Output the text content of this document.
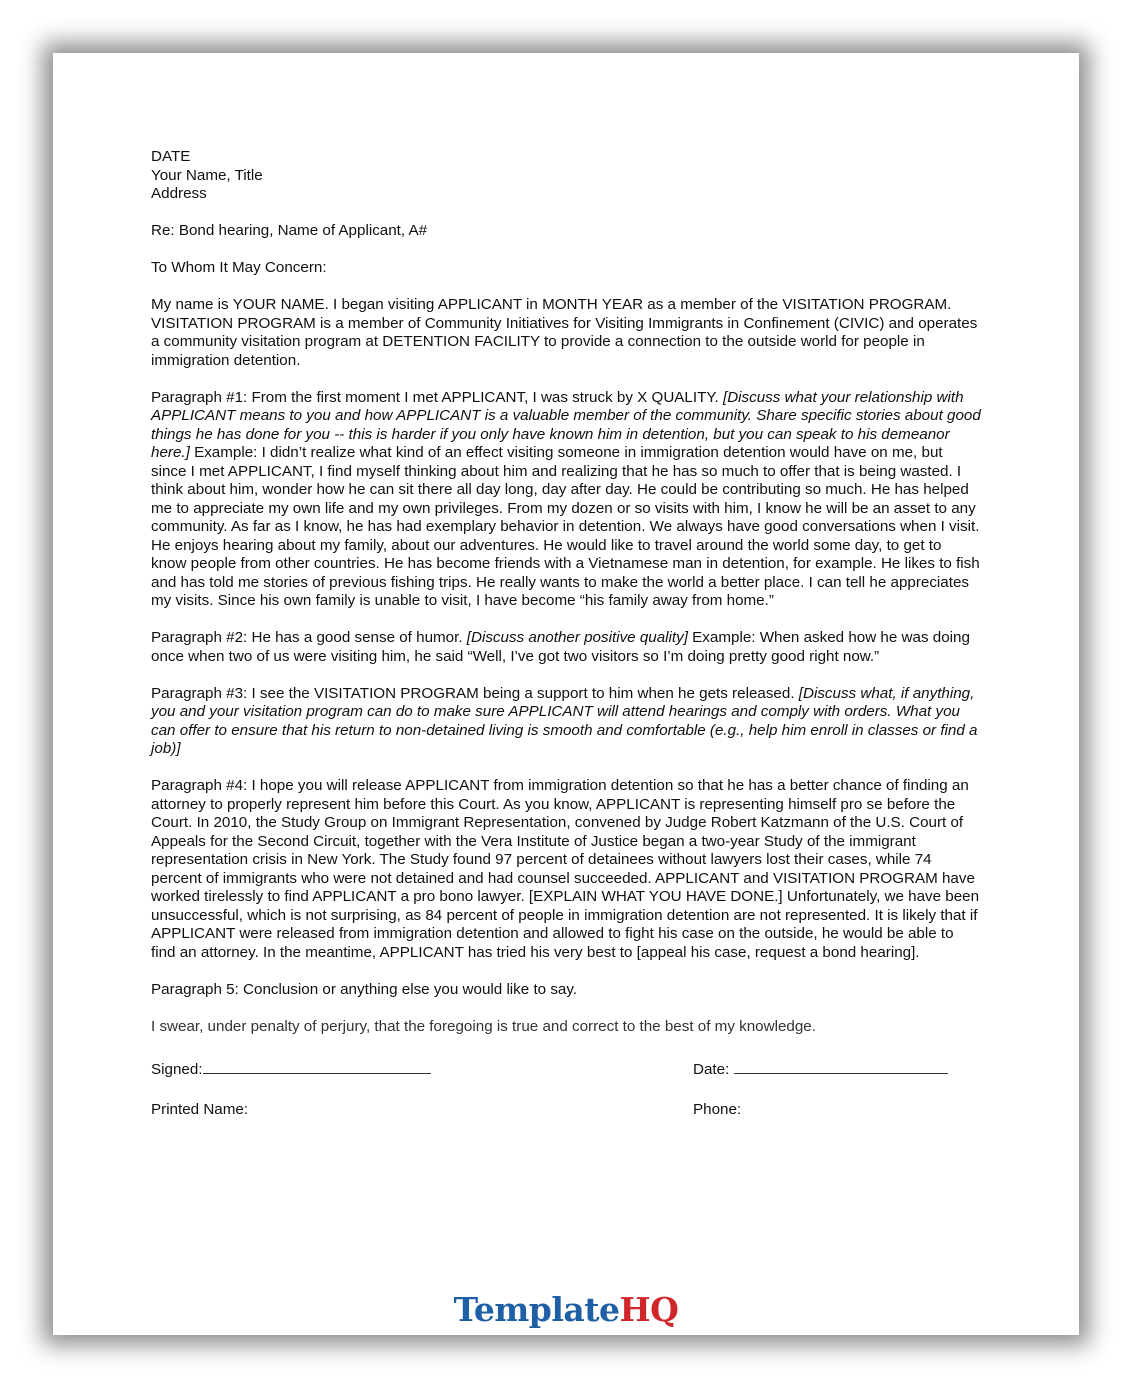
DATE

Your Name, Title

Address

Re: Bond hearing, Name of Applicant, A#

To Whom It May Concern:

My name is YOUR NAME. I began visiting APPLICANT in MONTH YEAR as a member of the VISITATION PROGRAM. VISITATION PROGRAM is a member of Community Initiatives for Visiting Immigrants in Confinement (CIVIC) and operates a community visitation program at DETENTION FACILITY to provide a connection to the outside world for people in immigration detention.

Paragraph #1: From the first moment I met APPLICANT, I was struck by X QUALITY. [Discuss what your relationship with APPLICANT means to you and how APPLICANT is a valuable member of the community. Share specific stories about good things he has done for you -- this is harder if you only have known him in detention, but you can speak to his demeanor here.] Example: I didn’t realize what kind of an effect visiting someone in immigration detention would have on me, but since I met APPLICANT, I find myself thinking about him and realizing that he has so much to offer that is being wasted. I think about him, wonder how he can sit there all day long, day after day. He could be contributing so much. He has helped me to appreciate my own life and my own privileges. From my dozen or so visits with him, I know he will be an asset to any community. As far as I know, he has had exemplary behavior in detention. We always have good conversations when I visit. He enjoys hearing about my family, about our adventures. He would like to travel around the world some day, to get to know people from other countries. He has become friends with a Vietnamese man in detention, for example. He likes to fish and has told me stories of previous fishing trips. He really wants to make the world a better place. I can tell he appreciates my visits. Since his own family is unable to visit, I have become “his family away from home.”

Paragraph #2: He has a good sense of humor. [Discuss another positive quality] Example: When asked how he was doing once when two of us were visiting him, he said “Well, I’ve got two visitors so I’m doing pretty good right now.”

Paragraph #3: I see the VISITATION PROGRAM being a support to him when he gets released. [Discuss what, if anything, you and your visitation program can do to make sure APPLICANT will attend hearings and comply with orders. What you can offer to ensure that his return to non-detained living is smooth and comfortable (e.g., help him enroll in classes or find a job)]

Paragraph #4: I hope you will release APPLICANT from immigration detention so that he has a better chance of finding an attorney to properly represent him before this Court. As you know, APPLICANT is representing himself pro se before the Court. In 2010, the Study Group on Immigrant Representation, convened by Judge Robert Katzmann of the U.S. Court of Appeals for the Second Circuit, together with the Vera Institute of Justice began a two-year Study of the immigrant representation crisis in New York. The Study found 97 percent of detainees without lawyers lost their cases, while 74 percent of immigrants who were not detained and had counsel succeeded. APPLICANT and VISITATION PROGRAM have worked tirelessly to find APPLICANT a pro bono lawyer. [EXPLAIN WHAT YOU HAVE DONE.] Unfortunately, we have been unsuccessful, which is not surprising, as 84 percent of people in immigration detention are not represented. It is likely that if APPLICANT were released from immigration detention and allowed to fight his case on the outside, he would be able to find an attorney. In the meantime, APPLICANT has tried his very best to [appeal his case, request a bond hearing].

Paragraph 5: Conclusion or anything else you would like to say.

I swear, under penalty of perjury, that the foregoing is true and correct to the best of my knowledge.

Signed:	Date:
Printed Name:	Phone:
TemplateHQ
